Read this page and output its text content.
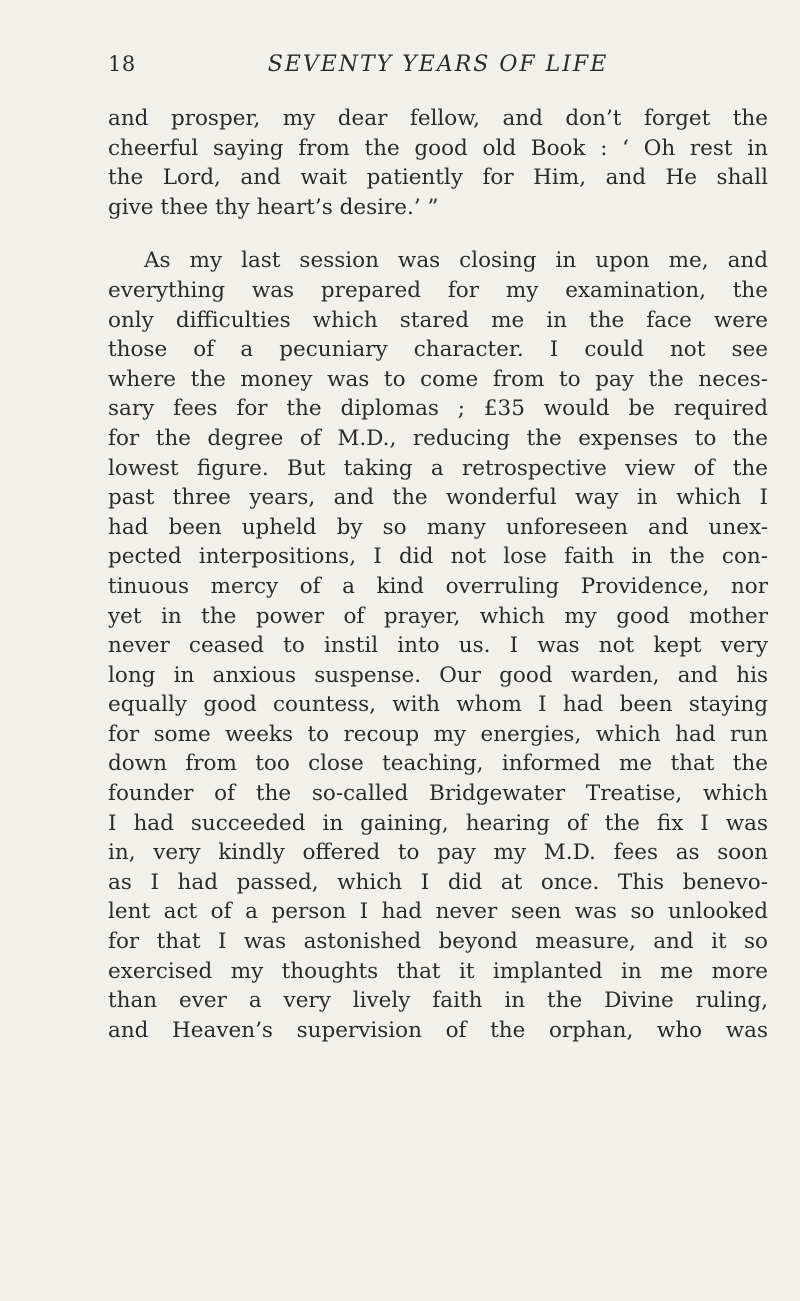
18	SEVENTY YEARS OF LIFE

and prosper, my dear fellow, and don’t forget the

cheerful saying from the good old Book : ‘ Oh rest in

the Lord, and wait patiently for Him, and He shall

give thee thy heart’s desire.’ ”

As my last session was closing in upon me, and

everything was prepared for my examination, the

only difficulties which stared me in the face were

those of a pecuniary character. I could not see

where the money was to come from to pay the neces-

sary fees for the diplomas ; £35 would be required

for the degree of M.D., reducing the expenses to the

lowest figure. But taking a retrospective view of the

past three years, and the wonderful way in which I

had been upheld by so many unforeseen and unex-

pected interpositions, I did not lose faith in the con-

tinuous mercy of a kind overruling Providence, nor

yet in the power of prayer, which my good mother

never ceased to instil into us. I was not kept very

long in anxious suspense. Our good warden, and his

equally good countess, with whom I had been staying

for some weeks to recoup my energies, which had run

down from too close teaching, informed me that the

founder of the so-called Bridgewater Treatise, which

I had succeeded in gaining, hearing of the fix I was

in, very kindly offered to pay my M.D. fees as soon

as I had passed, which I did at once. This benevo-

lent act of a person I had never seen was so unlooked

for that I was astonished beyond measure, and it so

exercised my thoughts that it implanted in me more

than ever a very lively faith in the Divine ruling,

and Heaven’s supervision of the orphan, who was
